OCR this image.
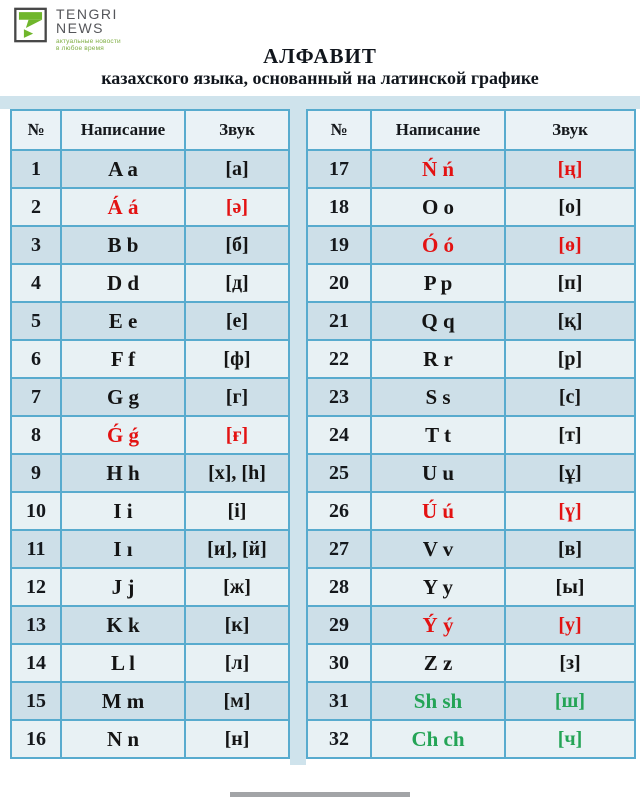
TENGRI
NEWS
актуальные новости
в любое время	АЛФАВИТ
казахского языка, основанный на латинской графике
№	Написание	Звук
1	A a	[а]
2	Á á	[ә]
3	B b	[б]
4	D d	[д]
5	E e	[е]
6	F f	[ф]
7	G g	[г]
8	Ǵ ǵ	[ғ]
9	H h	[х], [h]
10	I i	[і]
11	I ı	[и], [й]
12	J j	[ж]
13	K k	[к]
14	L l	[л]
15	M m	[м]
16	N n	[н]
№	Написание	Звук
17	Ń ń	[ң]
18	O o	[о]
19	Ó ó	[ө]
20	P p	[п]
21	Q q	[қ]
22	R r	[р]
23	S s	[с]
24	T t	[т]
25	U u	[ұ]
26	Ú ú	[ү]
27	V v	[в]
28	Y y	[ы]
29	Ý ý	[у]
30	Z z	[з]
31	Sh sh	[ш]
32	Ch ch	[ч]
